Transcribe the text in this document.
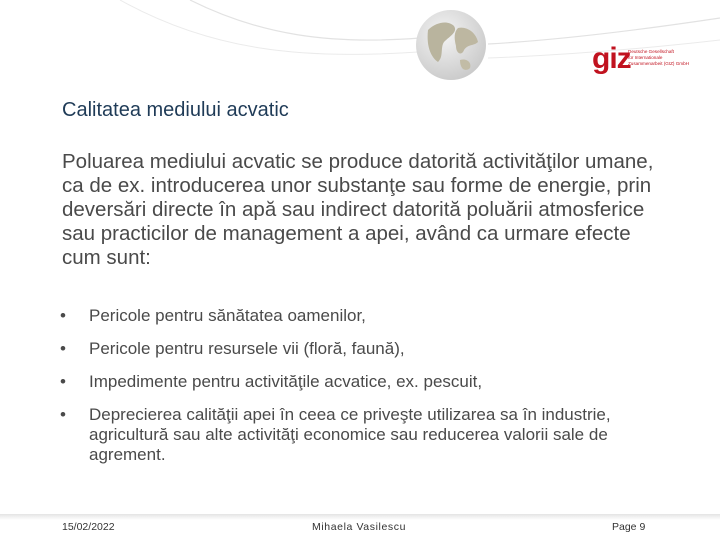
giz
Deutsche Gesellschaft
für Internationale
Zusammenarbeit (GIZ) GmbH
Calitatea mediului acvatic
Poluarea mediului acvatic se produce datorită activităţilor umane, ca de ex. introducerea unor substanţe sau forme de energie, prin deversări directe în apă sau indirect datorită poluării atmosferice sau practicilor de management a apei, având ca urmare efecte cum sunt:
• Pericole pentru sănătatea oamenilor,
• Pericole pentru resursele vii (floră, faună),
• Impedimente pentru activităţile acvatice, ex. pescuit,
• Deprecierea calităţii apei în ceea ce priveşte utilizarea sa în industrie, agricultură sau alte activităţi economice sau reducerea valorii sale de agrement.
15/02/2022	Mihaela Vasilescu	Page 9
